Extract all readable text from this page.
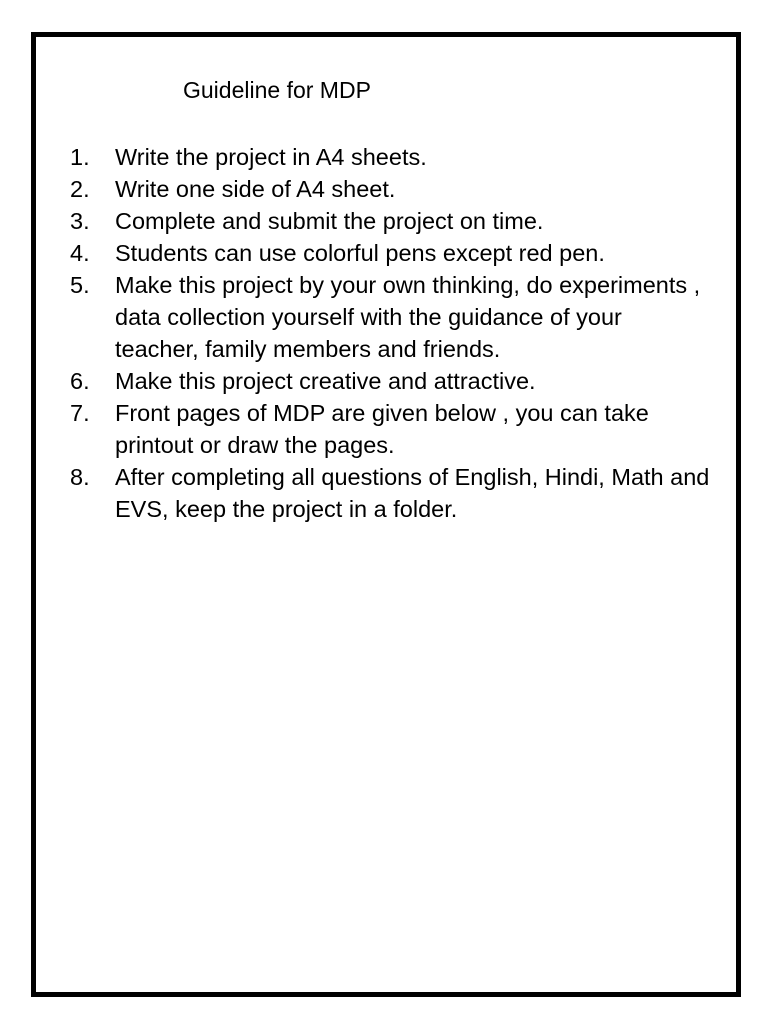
Guideline for MDP
1. Write the project in A4 sheets.
2. Write one side of A4 sheet.
3. Complete and submit the project on time.
4. Students can use colorful pens except red pen.
5. Make this project by your own thinking, do experiments , data collection yourself with the guidance of your teacher, family members and friends.
6. Make this project creative and attractive.
7. Front pages of MDP are given below , you can take printout or draw the pages.
8. After completing all questions of English, Hindi, Math and EVS, keep the project in a folder.
